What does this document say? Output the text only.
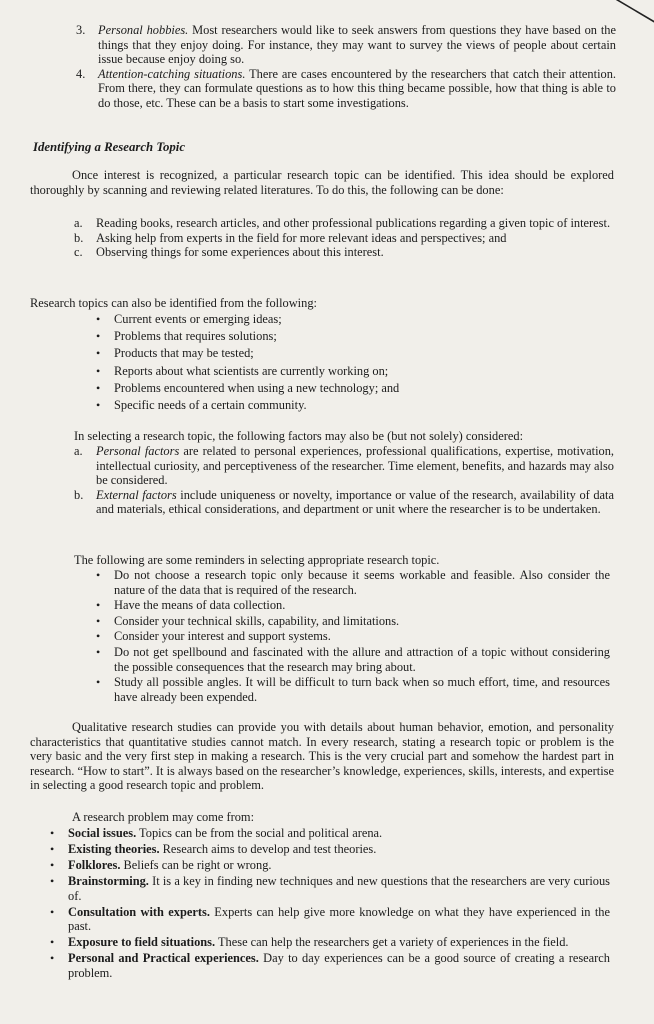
3. Personal hobbies. Most researchers would like to seek answers from questions they have based on the things that they enjoy doing. For instance, they may want to survey the views of people about certain issue because enjoy doing so.
4. Attention-catching situations. There are cases encountered by the researchers that catch their attention. From there, they can formulate questions as to how this thing became possible, how that thing is able to do those, etc. These can be a basis to start some investigations.
Identifying a Research Topic

Once interest is recognized, a particular research topic can be identified. This idea should be explored thoroughly by scanning and reviewing related literatures. To do this, the following can be done:

a. Reading books, research articles, and other professional publications regarding a given topic of interest.
b. Asking help from experts in the field for more relevant ideas and perspectives; and
c. Observing things for some experiences about this interest.

Research topics can also be identified from the following:

• Current events or emerging ideas;
• Problems that requires solutions;
• Products that may be tested;
• Reports about what scientists are currently working on;
• Problems encountered when using a new technology; and
• Specific needs of a certain community.

In selecting a research topic, the following factors may also be (but not solely) considered:

a. Personal factors are related to personal experiences, professional qualifications, expertise, motivation, intellectual curiosity, and perceptiveness of the researcher. Time element, benefits, and hazards may also be considered.
b. External factors include uniqueness or novelty, importance or value of the research, availability of data and materials, ethical considerations, and department or unit where the researcher is to be undertaken.

The following are some reminders in selecting appropriate research topic.

• Do not choose a research topic only because it seems workable and feasible. Also consider the nature of the data that is required of the research.
• Have the means of data collection.
• Consider your technical skills, capability, and limitations.
• Consider your interest and support systems.
• Do not get spellbound and fascinated with the allure and attraction of a topic without considering the possible consequences that the research may bring about.
• Study all possible angles. It will be difficult to turn back when so much effort, time, and resources have already been expended.

Qualitative research studies can provide you with details about human behavior, emotion, and personality characteristics that quantitative studies cannot match. In every research, stating a research topic or problem is the very basic and the very first step in making a research. This is the very crucial part and somehow the hardest part in research. “How to start”. It is always based on the researcher’s knowledge, experiences, skills, interests, and expertise in selecting a good research topic and problem.

A research problem may come from:

• Social issues. Topics can be from the social and political arena.
• Existing theories. Research aims to develop and test theories.
• Folklores. Beliefs can be right or wrong.
• Brainstorming. It is a key in finding new techniques and new questions that the researchers are very curious of.
• Consultation with experts. Experts can help give more knowledge on what they have experienced in the past.
• Exposure to field situations. These can help the researchers get a variety of experiences in the field.
• Personal and Practical experiences. Day to day experiences can be a good source of creating a research problem.
